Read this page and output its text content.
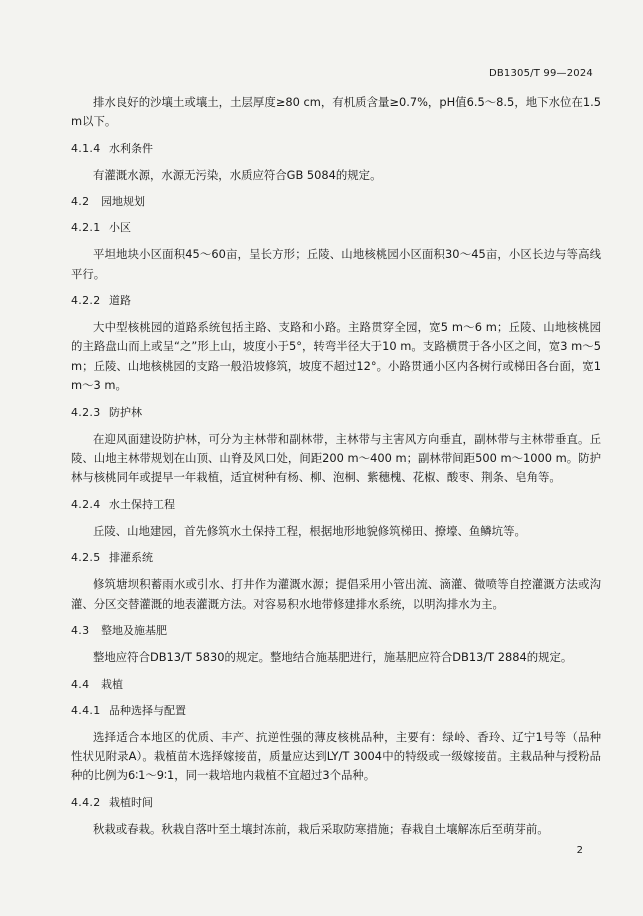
DB1305/T 99—2024

排水良好的沙壤土或壤土，土层厚度≥80 cm，有机质含量≥0.7%，pH值6.5～8.5，地下水位在1.5 m以下。

4.1.4 水利条件

有灌溉水源，水源无污染，水质应符合GB 5084的规定。

4.2 园地规划
4.2.1 小区

平坦地块小区面积45～60亩，呈长方形；丘陵、山地核桃园小区面积30～45亩，小区长边与等高线平行。

4.2.2 道路

大中型核桃园的道路系统包括主路、支路和小路。主路贯穿全园，宽5 m～6 m；丘陵、山地核桃园的主路盘山而上或呈“之”形上山，坡度小于5°，转弯半径大于10 m。支路横贯于各小区之间，宽3 m～5 m；丘陵、山地核桃园的支路一般沿坡修筑，坡度不超过12°。小路贯通小区内各树行或梯田各台面，宽1 m～3 m。

4.2.3 防护林

在迎风面建设防护林，可分为主林带和副林带，主林带与主害风方向垂直，副林带与主林带垂直。丘陵、山地主林带规划在山顶、山脊及风口处，间距200 m～400 m；副林带间距500 m～1000 m。防护林与核桃同年或提早一年栽植，适宜树种有杨、柳、泡桐、紫穗槐、花椒、酸枣、荆条、皂角等。

4.2.4 水土保持工程

丘陵、山地建园，首先修筑水土保持工程，根据地形地貌修筑梯田、撩壕、鱼鳞坑等。

4.2.5 排灌系统

修筑塘坝积蓄雨水或引水、打井作为灌溉水源；提倡采用小管出流、滴灌、微喷等自控灌溉方法或沟灌、分区交替灌溉的地表灌溉方法。对容易积水地带修建排水系统，以明沟排水为主。

4.3 整地及施基肥

整地应符合DB13/T 5830的规定。整地结合施基肥进行，施基肥应符合DB13/T 2884的规定。

4.4 栽植
4.4.1 品种选择与配置

选择适合本地区的优质、丰产、抗逆性强的薄皮核桃品种，主要有：绿岭、香玲、辽宁1号等（品种性状见附录A）。栽植苗木选择嫁接苗，质量应达到LY/T 3004中的特级或一级嫁接苗。主栽品种与授粉品种的比例为6∶1～9∶1，同一栽培地内栽植不宜超过3个品种。

4.4.2 栽植时间

秋栽或春栽。秋栽自落叶至土壤封冻前，栽后采取防寒措施；春栽自土壤解冻后至萌芽前。

2
